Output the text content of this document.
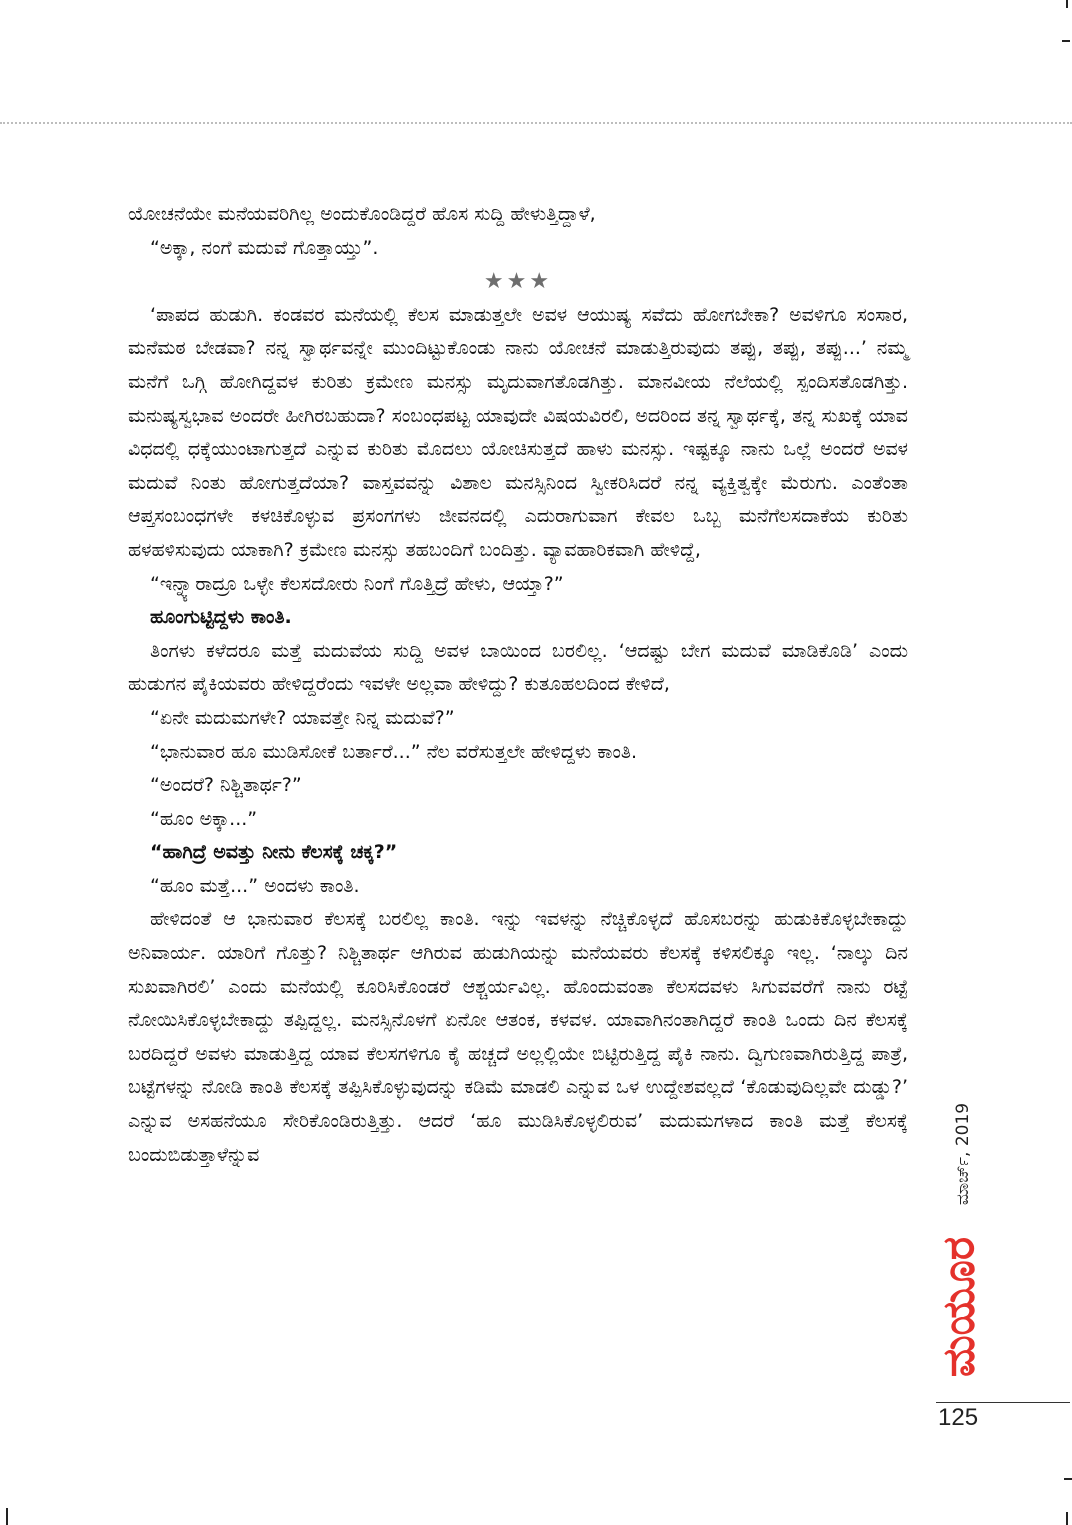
ಯೋಚನೆಯೇ ಮನೆಯವರಿಗಿಲ್ಲ ಅಂದುಕೊಂಡಿದ್ದರೆ ಹೊಸ ಸುದ್ದಿ ಹೇಳುತ್ತಿದ್ದಾಳೆ,

“ಅಕ್ಕಾ, ನಂಗೆ ಮದುವೆ ಗೊತ್ತಾಯ್ತು”.

★★★

‘ಪಾಪದ ಹುಡುಗಿ. ಕಂಡವರ ಮನೆಯಲ್ಲಿ ಕೆಲಸ ಮಾಡುತ್ತಲೇ ಅವಳ ಆಯುಷ್ಯ ಸವೆದು ಹೋಗಬೇಕಾ? ಅವಳಿಗೂ ಸಂಸಾರ, ಮನೆಮಠ ಬೇಡವಾ? ನನ್ನ ಸ್ವಾರ್ಥವನ್ನೇ ಮುಂದಿಟ್ಟುಕೊಂಡು ನಾನು ಯೋಚನೆ ಮಾಡುತ್ತಿರುವುದು ತಪ್ಪು, ತಪ್ಪು, ತಪ್ಪು...’ ನಮ್ಮ ಮನೆಗೆ ಒಗ್ಗಿ ಹೋಗಿದ್ದವಳ ಕುರಿತು ಕ್ರಮೇಣ ಮನಸ್ಸು ಮೃದುವಾಗತೊಡಗಿತ್ತು. ಮಾನವೀಯ ನೆಲೆಯಲ್ಲಿ ಸ್ಪಂದಿಸತೊಡಗಿತ್ತು. ಮನುಷ್ಯಸ್ವಭಾವ ಅಂದರೇ ಹೀಗಿರಬಹುದಾ? ಸಂಬಂಧಪಟ್ಟ ಯಾವುದೇ ವಿಷಯವಿರಲಿ, ಅದರಿಂದ ತನ್ನ ಸ್ವಾರ್ಥಕ್ಕೆ, ತನ್ನ ಸುಖಕ್ಕೆ ಯಾವ ವಿಧದಲ್ಲಿ ಧಕ್ಕೆಯುಂಟಾಗುತ್ತದೆ ಎನ್ನುವ ಕುರಿತು ಮೊದಲು ಯೋಚಿಸುತ್ತದೆ ಹಾಳು ಮನಸ್ಸು. ಇಷ್ಟಕ್ಕೂ ನಾನು ಒಲ್ಲೆ ಅಂದರೆ ಅವಳ ಮದುವೆ ನಿಂತು ಹೋಗುತ್ತದೆಯಾ? ವಾಸ್ತವವನ್ನು ವಿಶಾಲ ಮನಸ್ಸಿನಿಂದ ಸ್ವೀಕರಿಸಿದರೆ ನನ್ನ ವ್ಯಕ್ತಿತ್ವಕ್ಕೇ ಮೆರುಗು. ಎಂತೆಂತಾ ಆಪ್ತಸಂಬಂಧಗಳೇ ಕಳಚಿಕೊಳ್ಳುವ ಪ್ರಸಂಗಗಳು ಜೀವನದಲ್ಲಿ ಎದುರಾಗುವಾಗ ಕೇವಲ ಒಬ್ಬ ಮನೆಗೆಲಸದಾಕೆಯ ಕುರಿತು ಹಳಹಳಿಸುವುದು ಯಾಕಾಗಿ? ಕ್ರಮೇಣ ಮನಸ್ಸು ತಹಬಂದಿಗೆ ಬಂದಿತ್ತು. ವ್ಯಾವಹಾರಿಕವಾಗಿ ಹೇಳಿದ್ದೆ,

“ಇನ್ನ್ಯಾರಾದ್ರೂ ಒಳ್ಳೇ ಕೆಲಸದೋರು ನಿಂಗೆ ಗೊತ್ತಿದ್ರೆ ಹೇಳು, ಆಯ್ತಾ?”

ಹೂಂಗುಟ್ಟಿದ್ದಳು ಕಾಂತಿ.

ತಿಂಗಳು ಕಳೆದರೂ ಮತ್ತೆ ಮದುವೆಯ ಸುದ್ದಿ ಅವಳ ಬಾಯಿಂದ ಬರಲಿಲ್ಲ. ‘ಆದಷ್ಟು ಬೇಗ ಮದುವೆ ಮಾಡಿಕೊಡಿ’ ಎಂದು ಹುಡುಗನ ಪೈಕಿಯವರು ಹೇಳಿದ್ದರೆಂದು ಇವಳೇ ಅಲ್ಲವಾ ಹೇಳಿದ್ದು? ಕುತೂಹಲದಿಂದ ಕೇಳಿದೆ,

“ಏನೇ ಮದುಮಗಳೇ? ಯಾವತ್ತೇ ನಿನ್ನ ಮದುವೆ?”

“ಭಾನುವಾರ ಹೂ ಮುಡಿಸೋಕೆ ಬರ್ತಾರೆ...” ನೆಲ ವರೆಸುತ್ತಲೇ ಹೇಳಿದ್ದಳು ಕಾಂತಿ.

“ಅಂದರೆ? ನಿಶ್ಚಿತಾರ್ಥ?”

“ಹೂಂ ಅಕ್ಕಾ...”

“ಹಾಗಿದ್ರೆ ಅವತ್ತು ನೀನು ಕೆಲಸಕ್ಕೆ ಚಕ್ಕ?”

“ಹೂಂ ಮತ್ತೆ...” ಅಂದಳು ಕಾಂತಿ.

ಹೇಳಿದಂತೆ ಆ ಭಾನುವಾರ ಕೆಲಸಕ್ಕೆ ಬರಲಿಲ್ಲ ಕಾಂತಿ. ಇನ್ನು ಇವಳನ್ನು ನೆಚ್ಚಿಕೊಳ್ಳದೆ ಹೊಸಬರನ್ನು ಹುಡುಕಿಕೊಳ್ಳಬೇಕಾದ್ದು ಅನಿವಾರ್ಯ. ಯಾರಿಗೆ ಗೊತ್ತು? ನಿಶ್ಚಿತಾರ್ಥ ಆಗಿರುವ ಹುಡುಗಿಯನ್ನು ಮನೆಯವರು ಕೆಲಸಕ್ಕೆ ಕಳಿಸಲಿಕ್ಕೂ ಇಲ್ಲ. ‘ನಾಲ್ಕು ದಿನ ಸುಖವಾಗಿರಲಿ’ ಎಂದು ಮನೆಯಲ್ಲಿ ಕೂರಿಸಿಕೊಂಡರೆ ಆಶ್ಚರ್ಯವಿಲ್ಲ. ಹೊಂದುವಂತಾ ಕೆಲಸದವಳು ಸಿಗುವವರೆಗೆ ನಾನು ರಟ್ಟೆ ನೋಯಿಸಿಕೊಳ್ಳಬೇಕಾದ್ದು ತಪ್ಪಿದ್ದಲ್ಲ. ಮನಸ್ಸಿನೊಳಗೆ ಏನೋ ಆತಂಕ, ಕಳವಳ. ಯಾವಾಗಿನಂತಾಗಿದ್ದರೆ ಕಾಂತಿ ಒಂದು ದಿನ ಕೆಲಸಕ್ಕೆ ಬರದಿದ್ದರೆ ಅವಳು ಮಾಡುತ್ತಿದ್ದ ಯಾವ ಕೆಲಸಗಳಿಗೂ ಕೈ ಹಚ್ಚದೆ ಅಲ್ಲಲ್ಲಿಯೇ ಬಿಟ್ಟಿರುತ್ತಿದ್ದ ಪೈಕಿ ನಾನು. ದ್ವಿಗುಣವಾಗಿರುತ್ತಿದ್ದ ಪಾತ್ರೆ, ಬಟ್ಟೆಗಳನ್ನು ನೋಡಿ ಕಾಂತಿ ಕೆಲಸಕ್ಕೆ ತಪ್ಪಿಸಿಕೊಳ್ಳುವುದನ್ನು ಕಡಿಮೆ ಮಾಡಲಿ ಎನ್ನುವ ಒಳ ಉದ್ದೇಶವಲ್ಲದೆ ‘ಕೊಡುವುದಿಲ್ಲವೇ ದುಡ್ಡು?’ ಎನ್ನುವ ಅಸಹನೆಯೂ ಸೇರಿಕೊಂಡಿರುತ್ತಿತ್ತು. ಆದರೆ ‘ಹೂ ಮುಡಿಸಿಕೊಳ್ಳಲಿರುವ’ ಮದುಮಗಳಾದ ಕಾಂತಿ ಮತ್ತೆ ಕೆಲಸಕ್ಕೆ ಬಂದುಬಿಡುತ್ತಾಳೆನ್ನುವ	ಮಾರ್ಚ್, 2019
ಮಯೂರ
125
